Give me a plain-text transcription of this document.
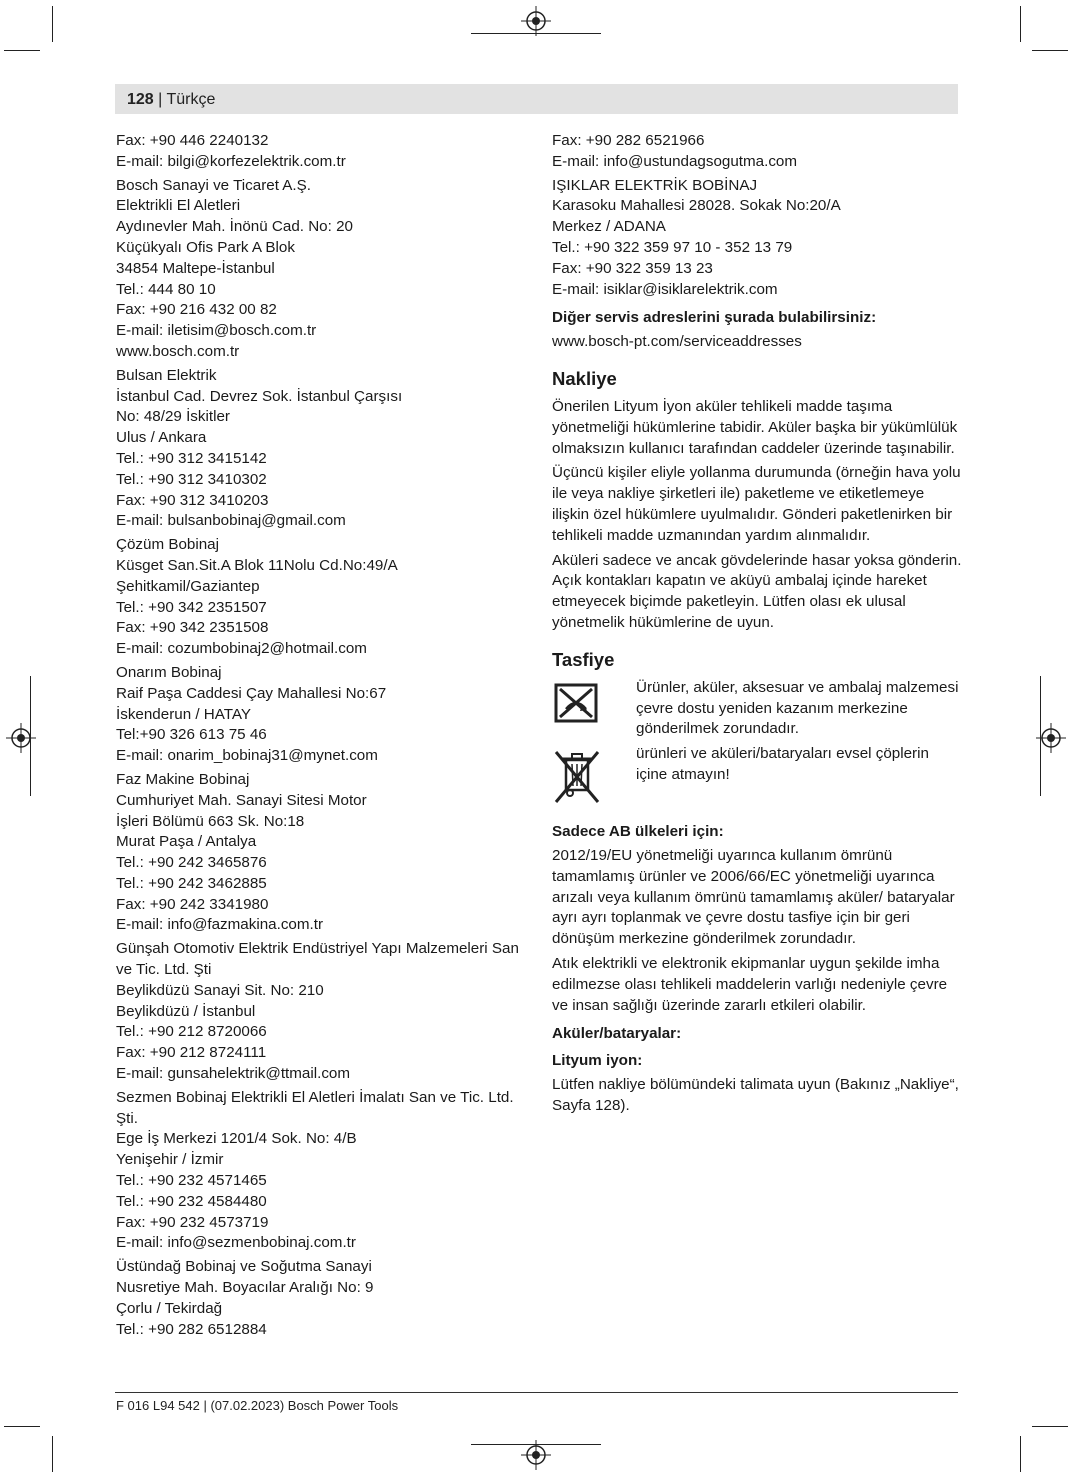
128 | Türkçe
Fax: +90 446 2240132
E-mail: bilgi@korfezelektrik.com.tr
Bosch Sanayi ve Ticaret A.Ş.
Elektrikli El Aletleri
Aydınevler Mah. İnönü Cad. No: 20
Küçükyalı Ofis Park A Blok
34854 Maltepe-İstanbul
Tel.: 444 80 10
Fax: +90 216 432 00 82
E-mail: iletisim@bosch.com.tr
www.bosch.com.tr
Bulsan Elektrik
İstanbul Cad. Devrez Sok. İstanbul Çarşısı
No: 48/29 İskitler
Ulus / Ankara
Tel.: +90 312 3415142
Tel.: +90 312 3410302
Fax: +90 312 3410203
E-mail: bulsanbobinaj@gmail.com
Çözüm Bobinaj
Küsget San.Sit.A Blok 11Nolu Cd.No:49/A
Şehitkamil/Gaziantep
Tel.: +90 342 2351507
Fax: +90 342 2351508
E-mail: cozumbobinaj2@hotmail.com
Onarım Bobinaj
Raif Paşa Caddesi Çay Mahallesi No:67
İskenderun / HATAY
Tel:+90 326 613 75 46
E-mail: onarim_bobinaj31@mynet.com
Faz Makine Bobinaj
Cumhuriyet Mah. Sanayi Sitesi Motor
İşleri Bölümü 663 Sk. No:18
Murat Paşa / Antalya
Tel.: +90 242 3465876
Tel.: +90 242 3462885
Fax: +90 242 3341980
E-mail: info@fazmakina.com.tr
Günşah Otomotiv Elektrik Endüstriyel Yapı Malzemeleri San
ve Tic. Ltd. Şti
Beylikdüzü Sanayi Sit. No: 210
Beylikdüzü / İstanbul
Tel.: +90 212 8720066
Fax: +90 212 8724111
E-mail: gunsahelektrik@ttmail.com
Sezmen Bobinaj Elektrikli El Aletleri İmalatı San ve Tic. Ltd.
Şti.
Ege İş Merkezi 1201/4 Sok. No: 4/B
Yenişehir / İzmir
Tel.: +90 232 4571465
Tel.: +90 232 4584480
Fax: +90 232 4573719
E-mail: info@sezmenbobinaj.com.tr
Üstündağ Bobinaj ve Soğutma Sanayi
Nusretiye Mah. Boyacılar Aralığı No: 9
Çorlu / Tekirdağ
Tel.: +90 282 6512884
Fax: +90 282 6521966
E-mail: info@ustundagsogutma.com
IŞIKLAR ELEKTRİK BOBİNAJ
Karasoku Mahallesi 28028. Sokak No:20/A
Merkez / ADANA
Tel.: +90 322 359 97 10 - 352 13 79
Fax: +90 322 359 13 23
E-mail: isiklar@isiklarelektrik.com
Diğer servis adreslerini şurada bulabilirsiniz:
www.bosch-pt.com/serviceaddresses
Nakliye
Önerilen Lityum İyon aküler tehlikeli madde taşıma yönetmeliği hükümlerine tabidir. Aküler başka bir yükümlülük olmaksızın kullanıcı tarafından caddeler üzerinde taşınabilir.
Üçüncü kişiler eliyle yollanma durumunda (örneğin hava yolu ile veya nakliye şirketleri ile) paketleme ve etiketlemeye ilişkin özel hükümlere uyulmalıdır. Gönderi paketlenirken bir tehlikeli madde uzmanından yardım alınmalıdır.
Aküleri sadece ve ancak gövdelerinde hasar yoksa gönderin. Açık kontakları kapatın ve aküyü ambalaj içinde hareket etmeyecek biçimde paketleyin. Lütfen olası ek ulusal yönetmelik hükümlerine de uyun.
Tasfiye
Ürünler, aküler, aksesuar ve ambalaj malzemesi çevre dostu yeniden kazanım merkezine gönderilmek zorundadır.
ürünleri ve aküleri/bataryaları evsel çöplerin içine atmayın!
Sadece AB ülkeleri için:
2012/19/EU yönetmeliği uyarınca kullanım ömrünü tamamlamış ürünler ve 2006/66/EC yönetmeliği uyarınca arızalı veya kullanım ömrünü tamamlamış aküler/ bataryalar ayrı ayrı toplanmak ve çevre dostu tasfiye için bir geri dönüşüm merkezine gönderilmek zorundadır.
Atık elektrikli ve elektronik ekipmanlar uygun şekilde imha edilmezse olası tehlikeli maddelerin varlığı nedeniyle çevre ve insan sağlığı üzerinde zararlı etkileri olabilir.
Aküler/bataryalar:
Lityum iyon:
Lütfen nakliye bölümündeki talimata uyun (Bakınız „Nakliye“, Sayfa 128).
F 016 L94 542 | (07.02.2023) Bosch Power Tools
